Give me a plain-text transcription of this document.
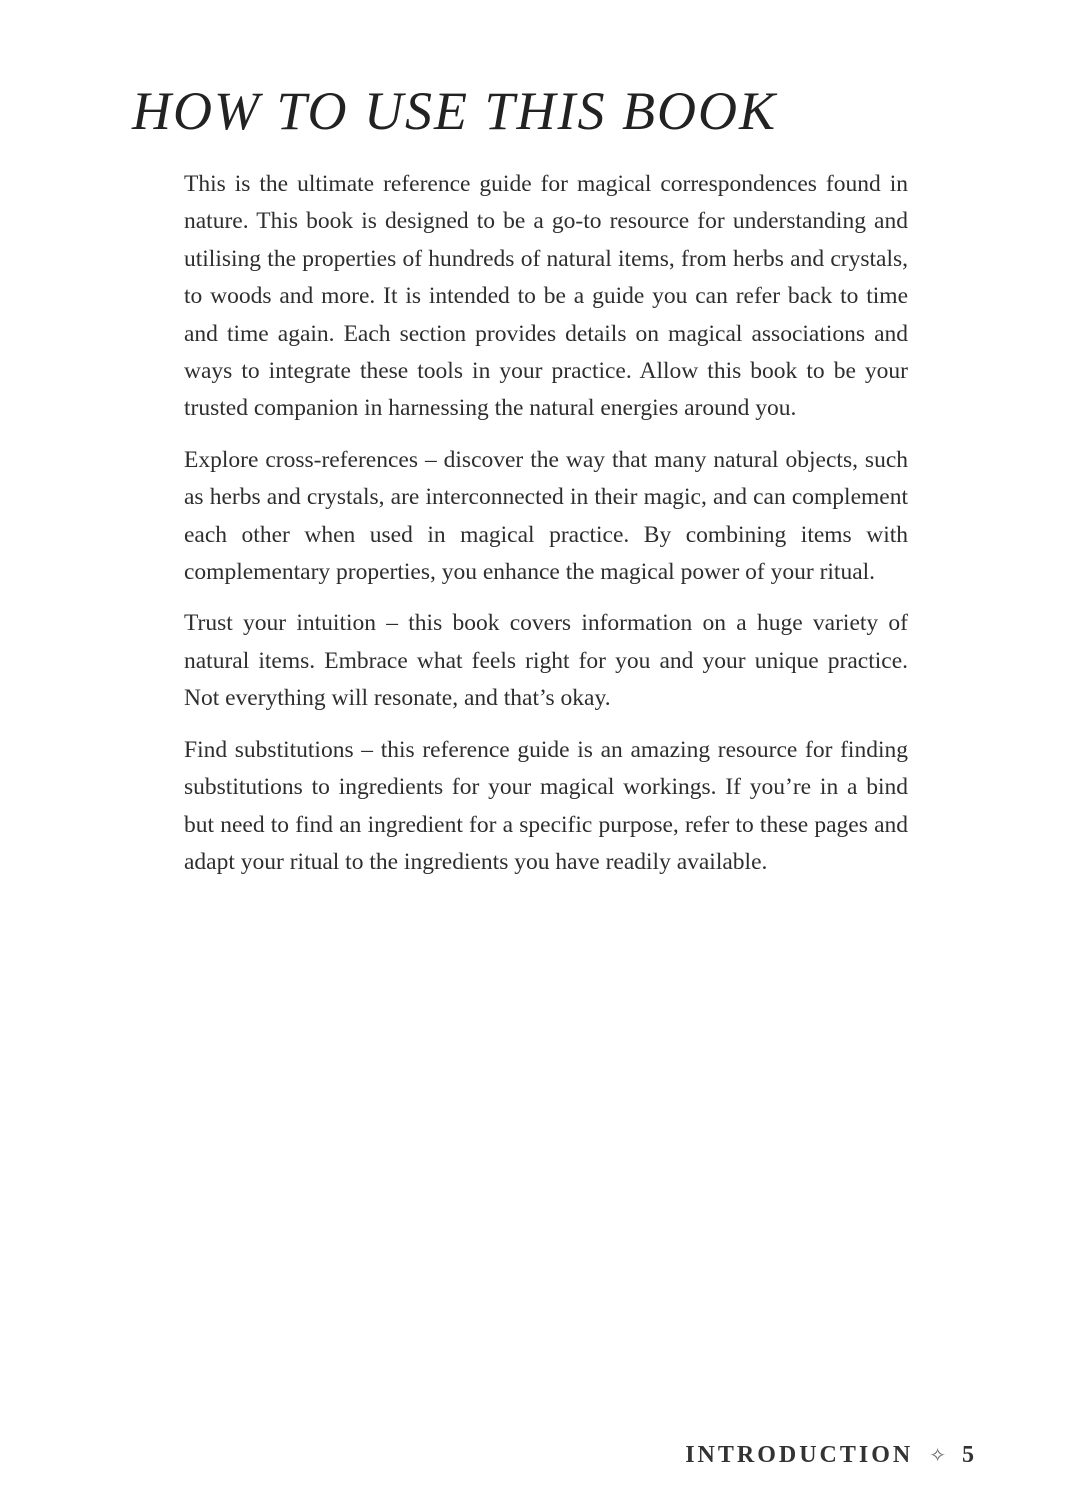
HOW TO USE THIS BOOK

This is the ultimate reference guide for magical correspondences found in nature. This book is designed to be a go-to resource for understanding and utilising the properties of hundreds of natural items, from herbs and crystals, to woods and more. It is intended to be a guide you can refer back to time and time again. Each section provides details on magical associations and ways to integrate these tools in your practice. Allow this book to be your trusted companion in harnessing the natural energies around you.

Explore cross-references – discover the way that many natural objects, such as herbs and crystals, are interconnected in their magic, and can complement each other when used in magical practice. By combining items with complementary properties, you enhance the magical power of your ritual.

Trust your intuition – this book covers information on a huge variety of natural items. Embrace what feels right for you and your unique practice. Not everything will resonate, and that’s okay.

Find substitutions – this reference guide is an amazing resource for finding substitutions to ingredients for your magical workings. If you’re in a bind but need to find an ingredient for a specific purpose, refer to these pages and adapt your ritual to the ingredients you have readily available.

INTRODUCTION ✧ 5
